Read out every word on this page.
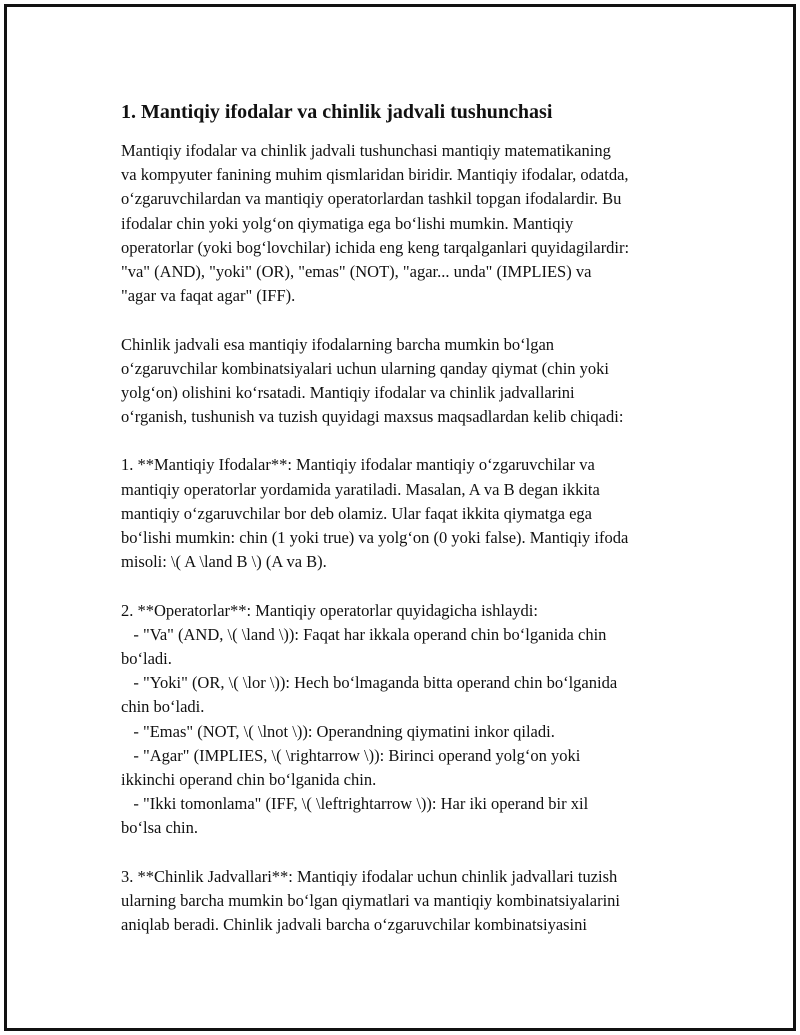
1. Mantiqiy ifodalar va chinlik jadvali tushunchasi
Mantiqiy ifodalar va chinlik jadvali tushunchasi mantiqiy matematikaning
va kompyuter fanining muhim qismlaridan biridir. Mantiqiy ifodalar, odatda,
o‘zgaruvchilardan va mantiqiy operatorlardan tashkil topgan ifodalardir. Bu
ifodalar chin yoki yolg‘on qiymatiga ega bo‘lishi mumkin. Mantiqiy
operatorlar (yoki bog‘lovchilar) ichida eng keng tarqalganlari quyidagilardir:
"va" (AND), "yoki" (OR), "emas" (NOT), "agar... unda" (IMPLIES) va
"agar va faqat agar" (IFF).
Chinlik jadvali esa mantiqiy ifodalarning barcha mumkin bo‘lgan
o‘zgaruvchilar kombinatsiyalari uchun ularning qanday qiymat (chin yoki
yolg‘on) olishini ko‘rsatadi. Mantiqiy ifodalar va chinlik jadvallarini
o‘rganish, tushunish va tuzish quyidagi maxsus maqsadlardan kelib chiqadi:
1. **Mantiqiy Ifodalar**: Mantiqiy ifodalar mantiqiy o‘zgaruvchilar va
mantiqiy operatorlar yordamida yaratiladi. Masalan, A va B degan ikkita
mantiqiy o‘zgaruvchilar bor deb olamiz. Ular faqat ikkita qiymatga ega
bo‘lishi mumkin: chin (1 yoki true) va yolg‘on (0 yoki false). Mantiqiy ifoda
misoli: \( A \land B \) (A va B).
2. **Operatorlar**: Mantiqiy operatorlar quyidagicha ishlaydi:
- "Va" (AND, \( \land \)): Faqat har ikkala operand chin bo‘lganida chin
bo‘ladi.
- "Yoki" (OR, \( \lor \)): Hech bo‘lmaganda bitta operand chin bo‘lganida
chin bo‘ladi.
- "Emas" (NOT, \( \lnot \)): Operandning qiymatini inkor qiladi.
- "Agar" (IMPLIES, \( \rightarrow \)): Birinci operand yolg‘on yoki
ikkinchi operand chin bo‘lganida chin.
- "Ikki tomonlama" (IFF, \( \leftrightarrow \)): Har iki operand bir xil
bo‘lsa chin.
3. **Chinlik Jadvallari**: Mantiqiy ifodalar uchun chinlik jadvallari tuzish
ularning barcha mumkin bo‘lgan qiymatlari va mantiqiy kombinatsiyalarini
aniqlab beradi. Chinlik jadvali barcha o‘zgaruvchilar kombinatsiyasini
